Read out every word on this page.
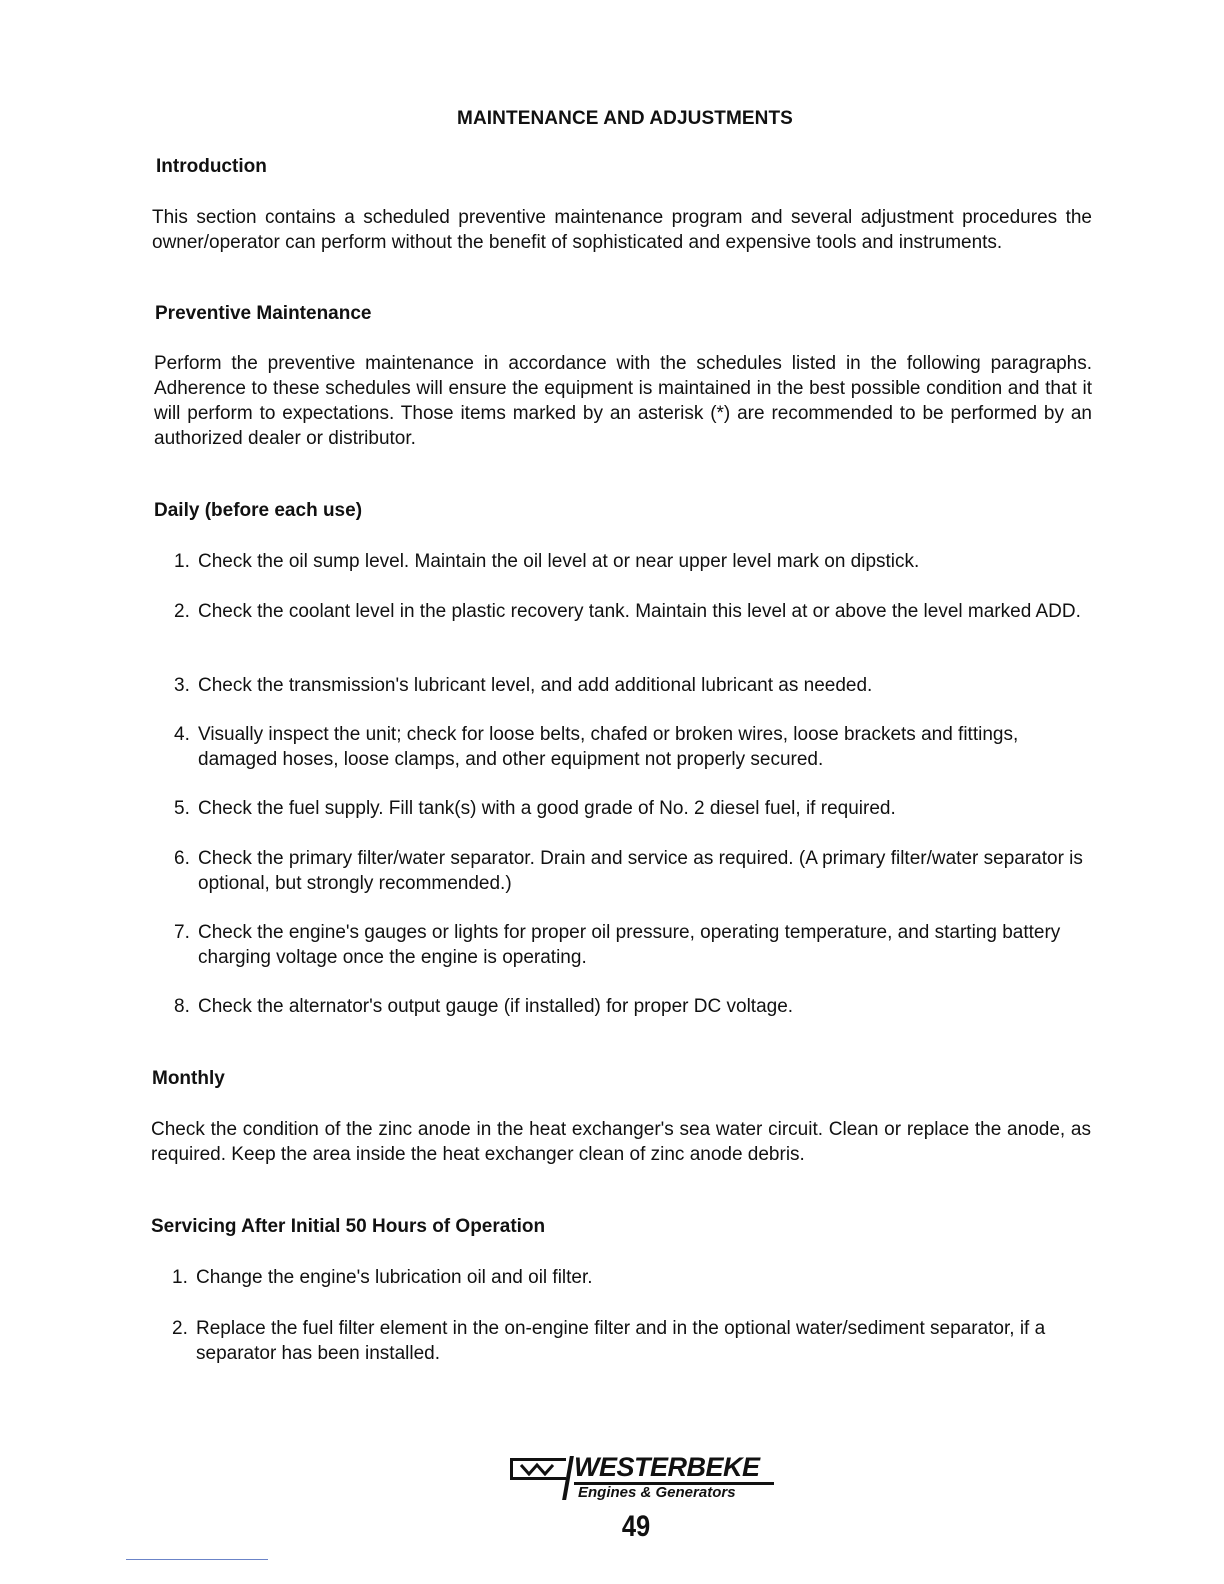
MAINTENANCE AND ADJUSTMENTS
Introduction
This section contains a scheduled preventive maintenance program and several adjustment procedures the owner/operator can perform without the benefit of sophisticated and expensive tools and instruments.
Preventive Maintenance
Perform the preventive maintenance in accordance with the schedules listed in the following paragraphs. Adherence to these schedules will ensure the equipment is maintained in the best possible condition and that it will perform to expectations. Those items marked by an asterisk (*) are recommended to be performed by an authorized dealer or distributor.
Daily (before each use)
1. Check the oil sump level. Maintain the oil level at or near upper level mark on dipstick.
2. Check the coolant level in the plastic recovery tank. Maintain this level at or above the level marked ADD.
3. Check the transmission's lubricant level, and add additional lubricant as needed.
4. Visually inspect the unit; check for loose belts, chafed or broken wires, loose brackets and fittings, damaged hoses, loose clamps, and other equipment not properly secured.
5. Check the fuel supply. Fill tank(s) with a good grade of No. 2 diesel fuel, if required.
6. Check the primary filter/water separator. Drain and service as required. (A primary filter/water separator is optional, but strongly recommended.)
7. Check the engine's gauges or lights for proper oil pressure, operating temperature, and starting battery charging voltage once the engine is operating.
8. Check the alternator's output gauge (if installed) for proper DC voltage.
Monthly
Check the condition of the zinc anode in the heat exchanger's sea water circuit. Clean or replace the anode, as required. Keep the area inside the heat exchanger clean of zinc anode debris.
Servicing After Initial 50 Hours of Operation
1. Change the engine's lubrication oil and oil filter.
2. Replace the fuel filter element in the on-engine filter and in the optional water/sediment separator, if a separator has been installed.
WESTERBEKE
Engines & Generators
49
